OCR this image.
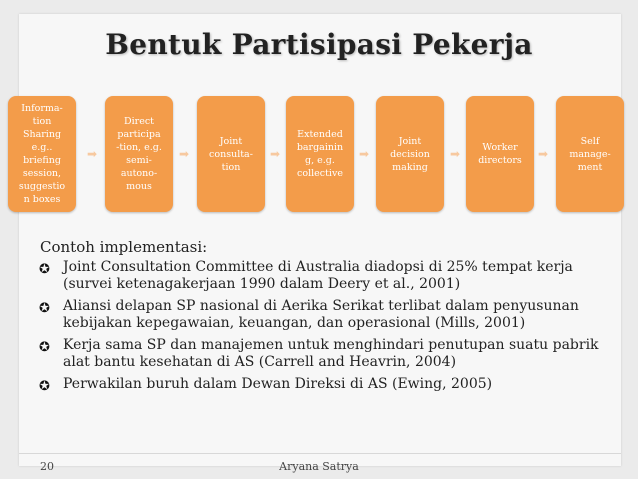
Bentuk Partisipasi Pekerja
Informa-
tion
Sharing
e.g..
briefing
session,
suggestio
n boxes
➡
Direct
participa
-tion, e.g.
semi-
autono-
mous
➡
Joint
consulta-
tion
➡
Extended
bargainin
g, e.g.
collective
➡
Joint
decision
making
➡	Worker
directors	➡
Self
manage-
ment
Contoh implementasi:
✪ Joint Consultation Committee di Australia diadopsi di 25% tempat kerja
(survei ketenagakerjaan 1990 dalam Deery et al., 2001)
✪ Aliansi delapan SP nasional di Aerika Serikat terlibat dalam penyusunan
kebijakan kepegawaian, keuangan, dan operasional (Mills, 2001)
✪ Kerja sama SP dan manajemen untuk menghindari penutupan suatu pabrik
alat bantu kesehatan di AS (Carrell and Heavrin, 2004)
✪ Perwakilan buruh dalam Dewan Direksi di AS (Ewing, 2005)
20	Aryana Satrya
